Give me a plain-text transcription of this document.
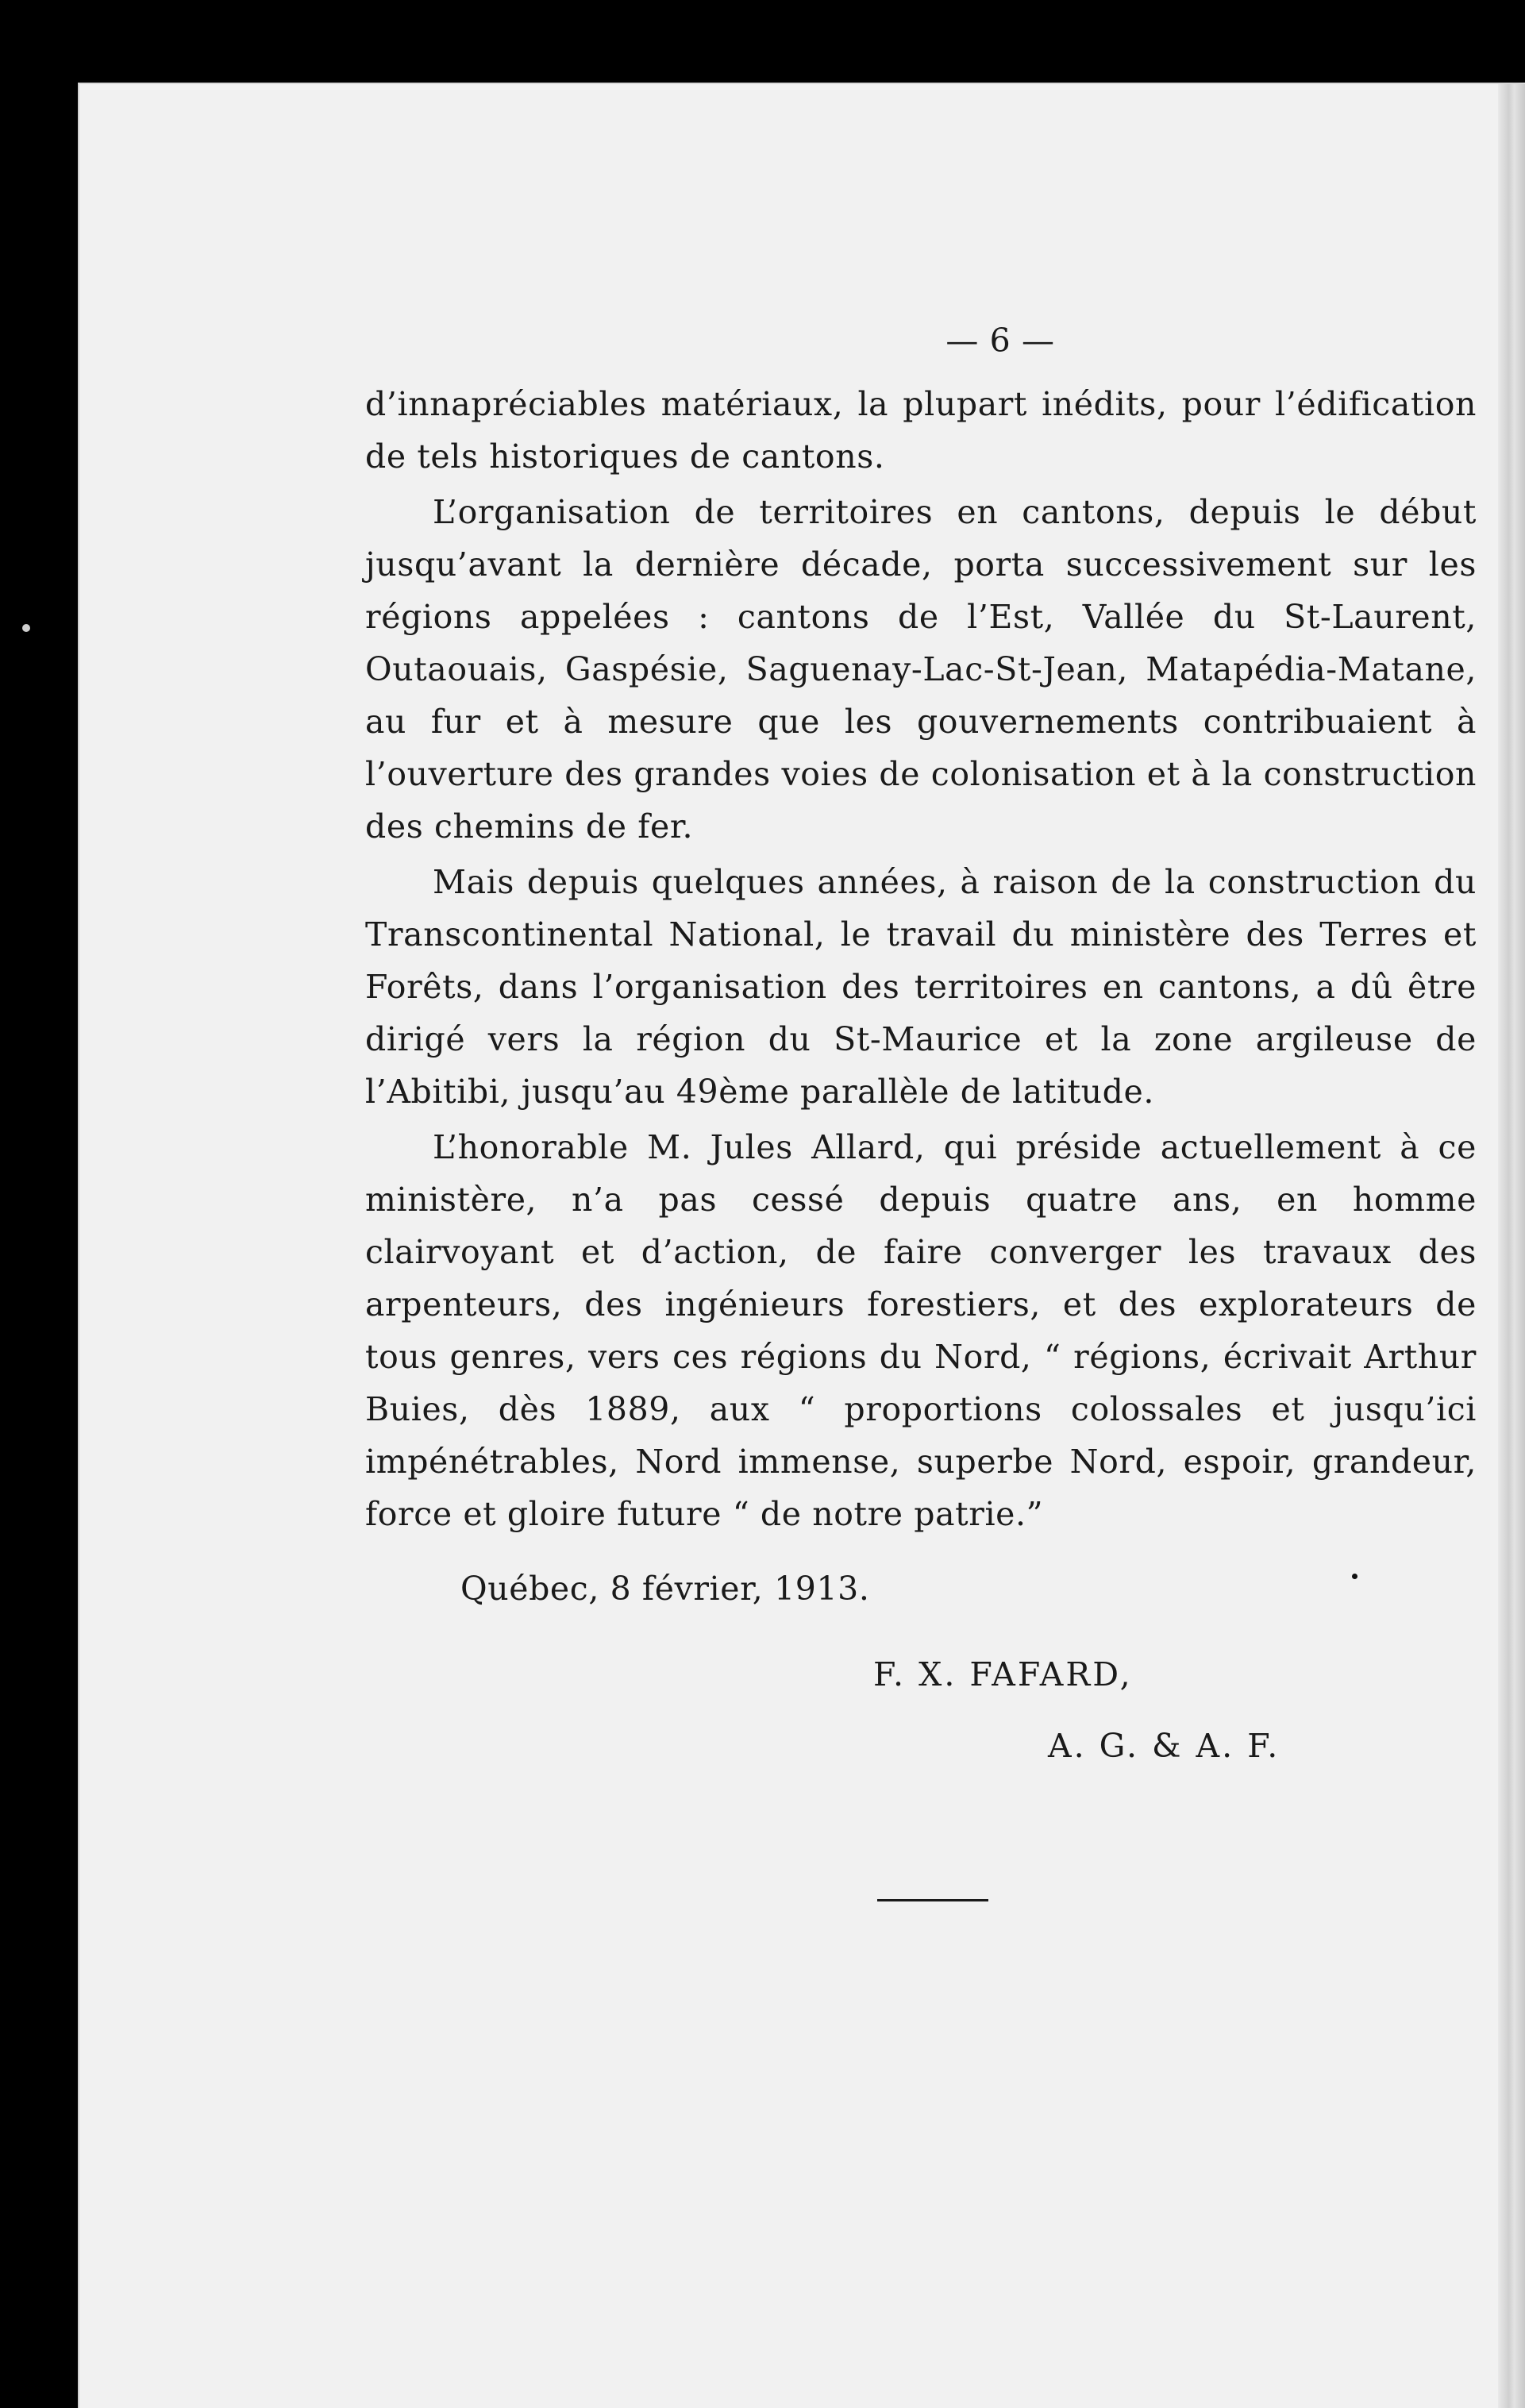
— 6 —

d’innapréciables matériaux, la plupart inédits, pour l’édification de tels historiques de cantons.

L’organisation de territoires en cantons, depuis le début jusqu’avant la dernière décade, porta successivement sur les régions appelées : cantons de l’Est, Vallée du St-Laurent, Outaouais, Gaspésie, Saguenay-Lac-St-Jean, Matapédia-Matane, au fur et à mesure que les gouvernements contribuaient à l’ouverture des grandes voies de colonisation et à la construction des chemins de fer.

Mais depuis quelques années, à raison de la construction du Transcontinental National, le travail du ministère des Terres et Forêts, dans l’organisation des territoires en cantons, a dû être dirigé vers la région du St-Maurice et la zone argileuse de l’Abitibi, jusqu’au 49ème parallèle de latitude.

L’honorable M. Jules Allard, qui préside actuellement à ce ministère, n’a pas cessé depuis quatre ans, en homme clairvoyant et d’action, de faire converger les travaux des arpenteurs, des ingénieurs forestiers, et des explorateurs de tous genres, vers ces régions du Nord, “ régions, écrivait Arthur Buies, dès 1889, aux “ proportions colossales et jusqu’ici impénétrables, Nord immense, superbe Nord, espoir, grandeur, force et gloire future “ de notre patrie.”

Québec, 8 février, 1913.
F. X. FAFARD,
A. G. & A. F.
